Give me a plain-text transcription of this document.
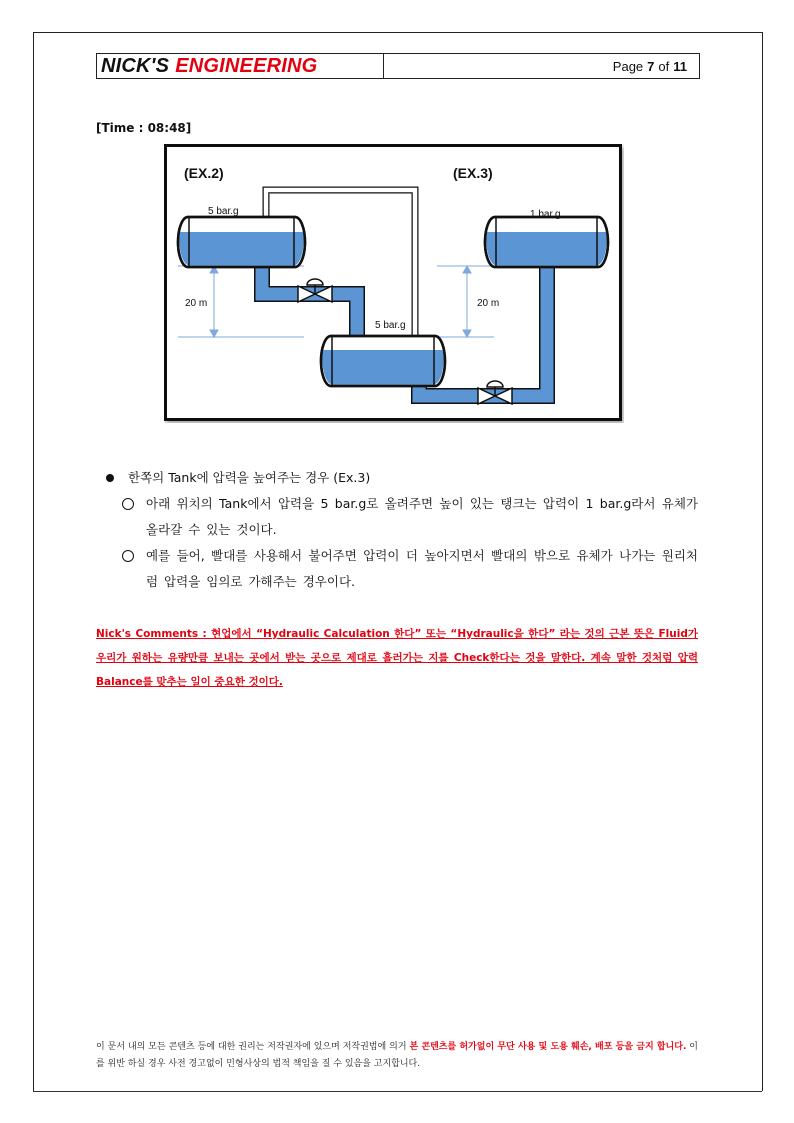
NICK'S ENGINEERING	Page 7 of 11
[Time : 08:48]
(EX.2)	(EX.3)
5 bar.g	1 bar.g
5 bar.g
20 m	20 m
한쪽의 Tank에 압력을 높여주는 경우 (Ex.3)
아래 위치의 Tank에서 압력을 5 bar.g로 올려주면 높이 있는 탱크는 압력이 1 bar.g라서 유체가 올라갈 수 있는 것이다.
예를 들어, 빨대를 사용해서 불어주면 압력이 더 높아지면서 빨대의 밖으로 유체가 나가는 원리처럼 압력을 임의로 가해주는 경우이다.
Nick's Comments : 현업에서 “Hydraulic Calculation 한다” 또는 “Hydraulic을 한다” 라는 것의 근본 뜻은 Fluid가 우리가 원하는 유량만큼 보내는 곳에서 받는 곳으로 제대로 흘러가는 지를 Check한다는 것을 말한다. 계속 말한 것처럼 압력 Balance를 맞추는 일이 중요한 것이다.
이 문서 내의 모든 콘텐츠 등에 대한 권리는 저작권자에 있으며 저작권법에 의거 본 콘텐츠를 허가없이 무단 사용 및 도용 훼손, 배포 등을 금지 합니다. 이를 위반 하실 경우 사전 경고없이 민형사상의 법적 책임을 질 수 있음을 고지합니다.
